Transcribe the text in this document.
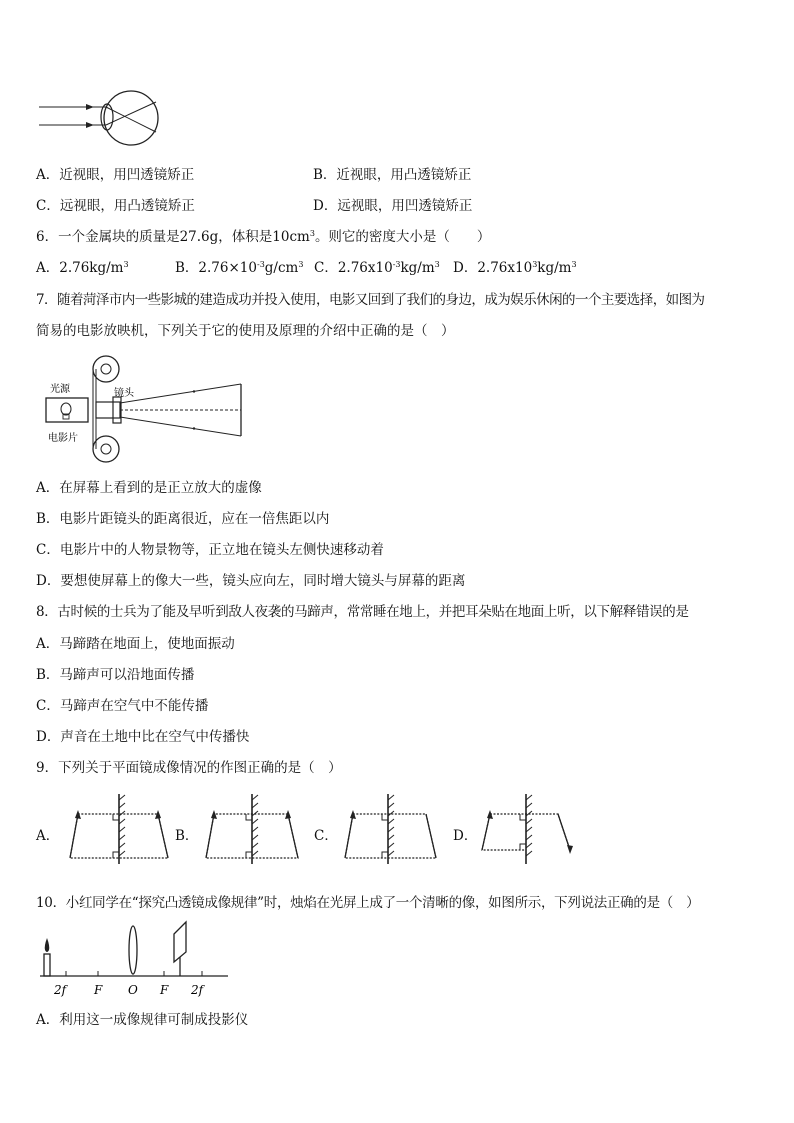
A．近视眼，用凹透镜矫正	B．近视眼，用凸透镜矫正
C．远视眼，用凸透镜矫正	D．远视眼，用凹透镜矫正
6．一个金属块的质量是27.6g，体积是$10cm^3$。则它的密度大小是（　　）
A．$2.76kg/m^3$	B．$2.76\times 10^{-3}g/cm^3$ C．$2.76x10^{-3}kg/m^3$ D．$2.76x10^3kg/m^3$
7．随着菏泽市内一些影城的建造成功并投入使用，电影又回到了我们的身边，成为娱乐休闲的一个主要选择，如图为
简易的电影放映机，下列关于它的使用及原理的介绍中正确的是（　）
光源	镜头
电影片
A．在屏幕上看到的是正立放大的虚像
B．电影片距镜头的距离很近，应在一倍焦距以内
C．电影片中的人物景物等，正立地在镜头左侧快速移动着
D．要想使屏幕上的像大一些，镜头应向左，同时增大镜头与屏幕的距离
8．古时候的士兵为了能及早听到敌人夜袭的马蹄声，常常睡在地上，并把耳朵贴在地面上听，以下解释错误的是
A．马蹄踏在地面上，使地面振动
B．马蹄声可以沿地面传播
C．马蹄声在空气中不能传播
D．声音在土地中比在空气中传播快
9．下列关于平面镜成像情况的作图正确的是（　）
A．	B．	C．	D．
10．小红同学在“探究凸透镜成像规律”时，烛焰在光屏上成了一个清晰的像，如图所示，下列说法正确的是（　）
2f F O F 2f
A．利用这一成像规律可制成投影仪
